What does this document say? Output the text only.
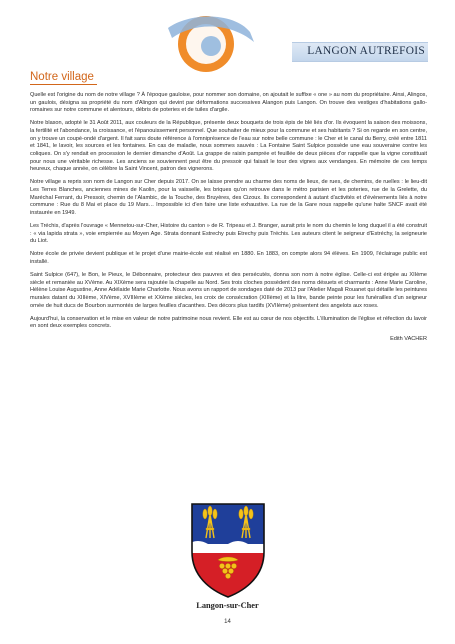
LANGON AUTREFOIS
Notre village

Quelle est l'origine du nom de notre village ? À l'époque gauloise, pour nommer son domaine, on ajoutait le suffixe « one » au nom du propriétaire. Ainsi, Alingos, un gaulois, désigna sa propriété du nom d'Alingon qui devint par déformations successives Alangon puis Langon. On trouve des vestiges d'habitations gallo-romaines sur notre commune et alentours, débris de poteries et de tuiles d'argile.

Notre blason, adopté le 31 Août 2011, aux couleurs de la République, présente deux bouquets de trois épis de blé liés d'or. Ils évoquent la saison des moissons, la fertilité et l'abondance, la croissance, et l'épanouissement personnel. Que souhaiter de mieux pour la commune et ses habitants ? Si on regarde en son centre, on y trouve un coupé-ondé d'argent. Il fait sans doute référence à l'omniprésence de l'eau sur notre belle commune : le Cher et le canal du Berry, créé entre 1811 et 1841, le lavoir, les sources et les fontaines. En cas de maladie, nous sommes sauvés : La Fontaine Saint Sulpice possède une eau souveraine contre les coliques. On s'y rendait en procession le dernier dimanche d'Août. La grappe de raisin pamprée et feuillée de deux pièces d'or rappelle que la vigne constituait pour nous une véritable richesse. Les anciens se souviennent peut être du pressoir qui faisait le tour des vignes aux vendanges. En mémoire de ces temps heureux, chaque année, on célèbre la Saint Vincent, patron des vignerons.

Notre village a repris son nom de Langon sur Cher depuis 2017. On se laisse prendre au charme des noms de lieux, de rues, de chemins, de ruelles : le lieu-dit Les Terres Blanches, anciennes mines de Kaolin, pour la vaisselle, les briques qu'on retrouve dans le métro parisien et les poteries, rue de la Grelette, du Maréchal Ferrant, du Pressoir, chemin de l'Alambic, de la Touche, des Bruyères, des Cizoux. Ils correspondent à autant d'activités et d'évènements liés à notre commune : Rue du 8 Mai et place du 19 Mars… Impossible ici d'en faire une liste exhaustive. La rue de la Gare nous rappelle qu'une halte SNCF avait été instaurée en 1949.

Les Tréchis, d'après l'ouvrage « Mennetou-sur-Cher, Histoire du canton » de R. Tripeau et J. Branger, aurait pris le nom du chemin le long duquel il a été construit : « via lapida strata », voie empierrée au Moyen Age. Strata donnant Estrechy puis Etrechy puis Tréchis. Les auteurs citent le seigneur d'Estréchy, la seigneurie du Liot.

Notre école de privée devient publique et le projet d'une mairie-école est réalisé en 1880. En 1883, on compte alors 94 élèves. En 1909, l'éclairage public est installé.

Saint Sulpice (647), le Bon, le Pieux, le Débonnaire, protecteur des pauvres et des persécutés, donna son nom à notre église. Celle-ci est érigée au XIIème siècle et remaniée au XVème. Au XIXème sera rajoutée la chapelle au Nord. Ses trois cloches possèdent des noms désuets et charmants : Anne Marie Caroline, Hélène Louise Augustine, Anne Adélaide Marie Charlotte. Nous avons un rapport de sondages daté de 2013 par l'Atelier Magali Rouanet qui détaille les peintures murales datant du XIIIème, XIVème, XVIIIème et XXème siècles, les croix de consécration (XIIIème) et la litre, bande peinte pour les funérailles d'un seigneur ornée de huit ducs de Bourbon surmontés de larges feuilles d'acanthes. Des décors plus tardifs (XVIIème) présentent des angelots aux roses.

Aujourd'hui, la conservation et le mise en valeur de notre patrimoine nous revient. Elle est au cœur de nos objectifs. L'illumination de l'église et réfection du lavoir en sont deux exemples concrets.

Edith VACHER

Langon-sur-Cher
14
